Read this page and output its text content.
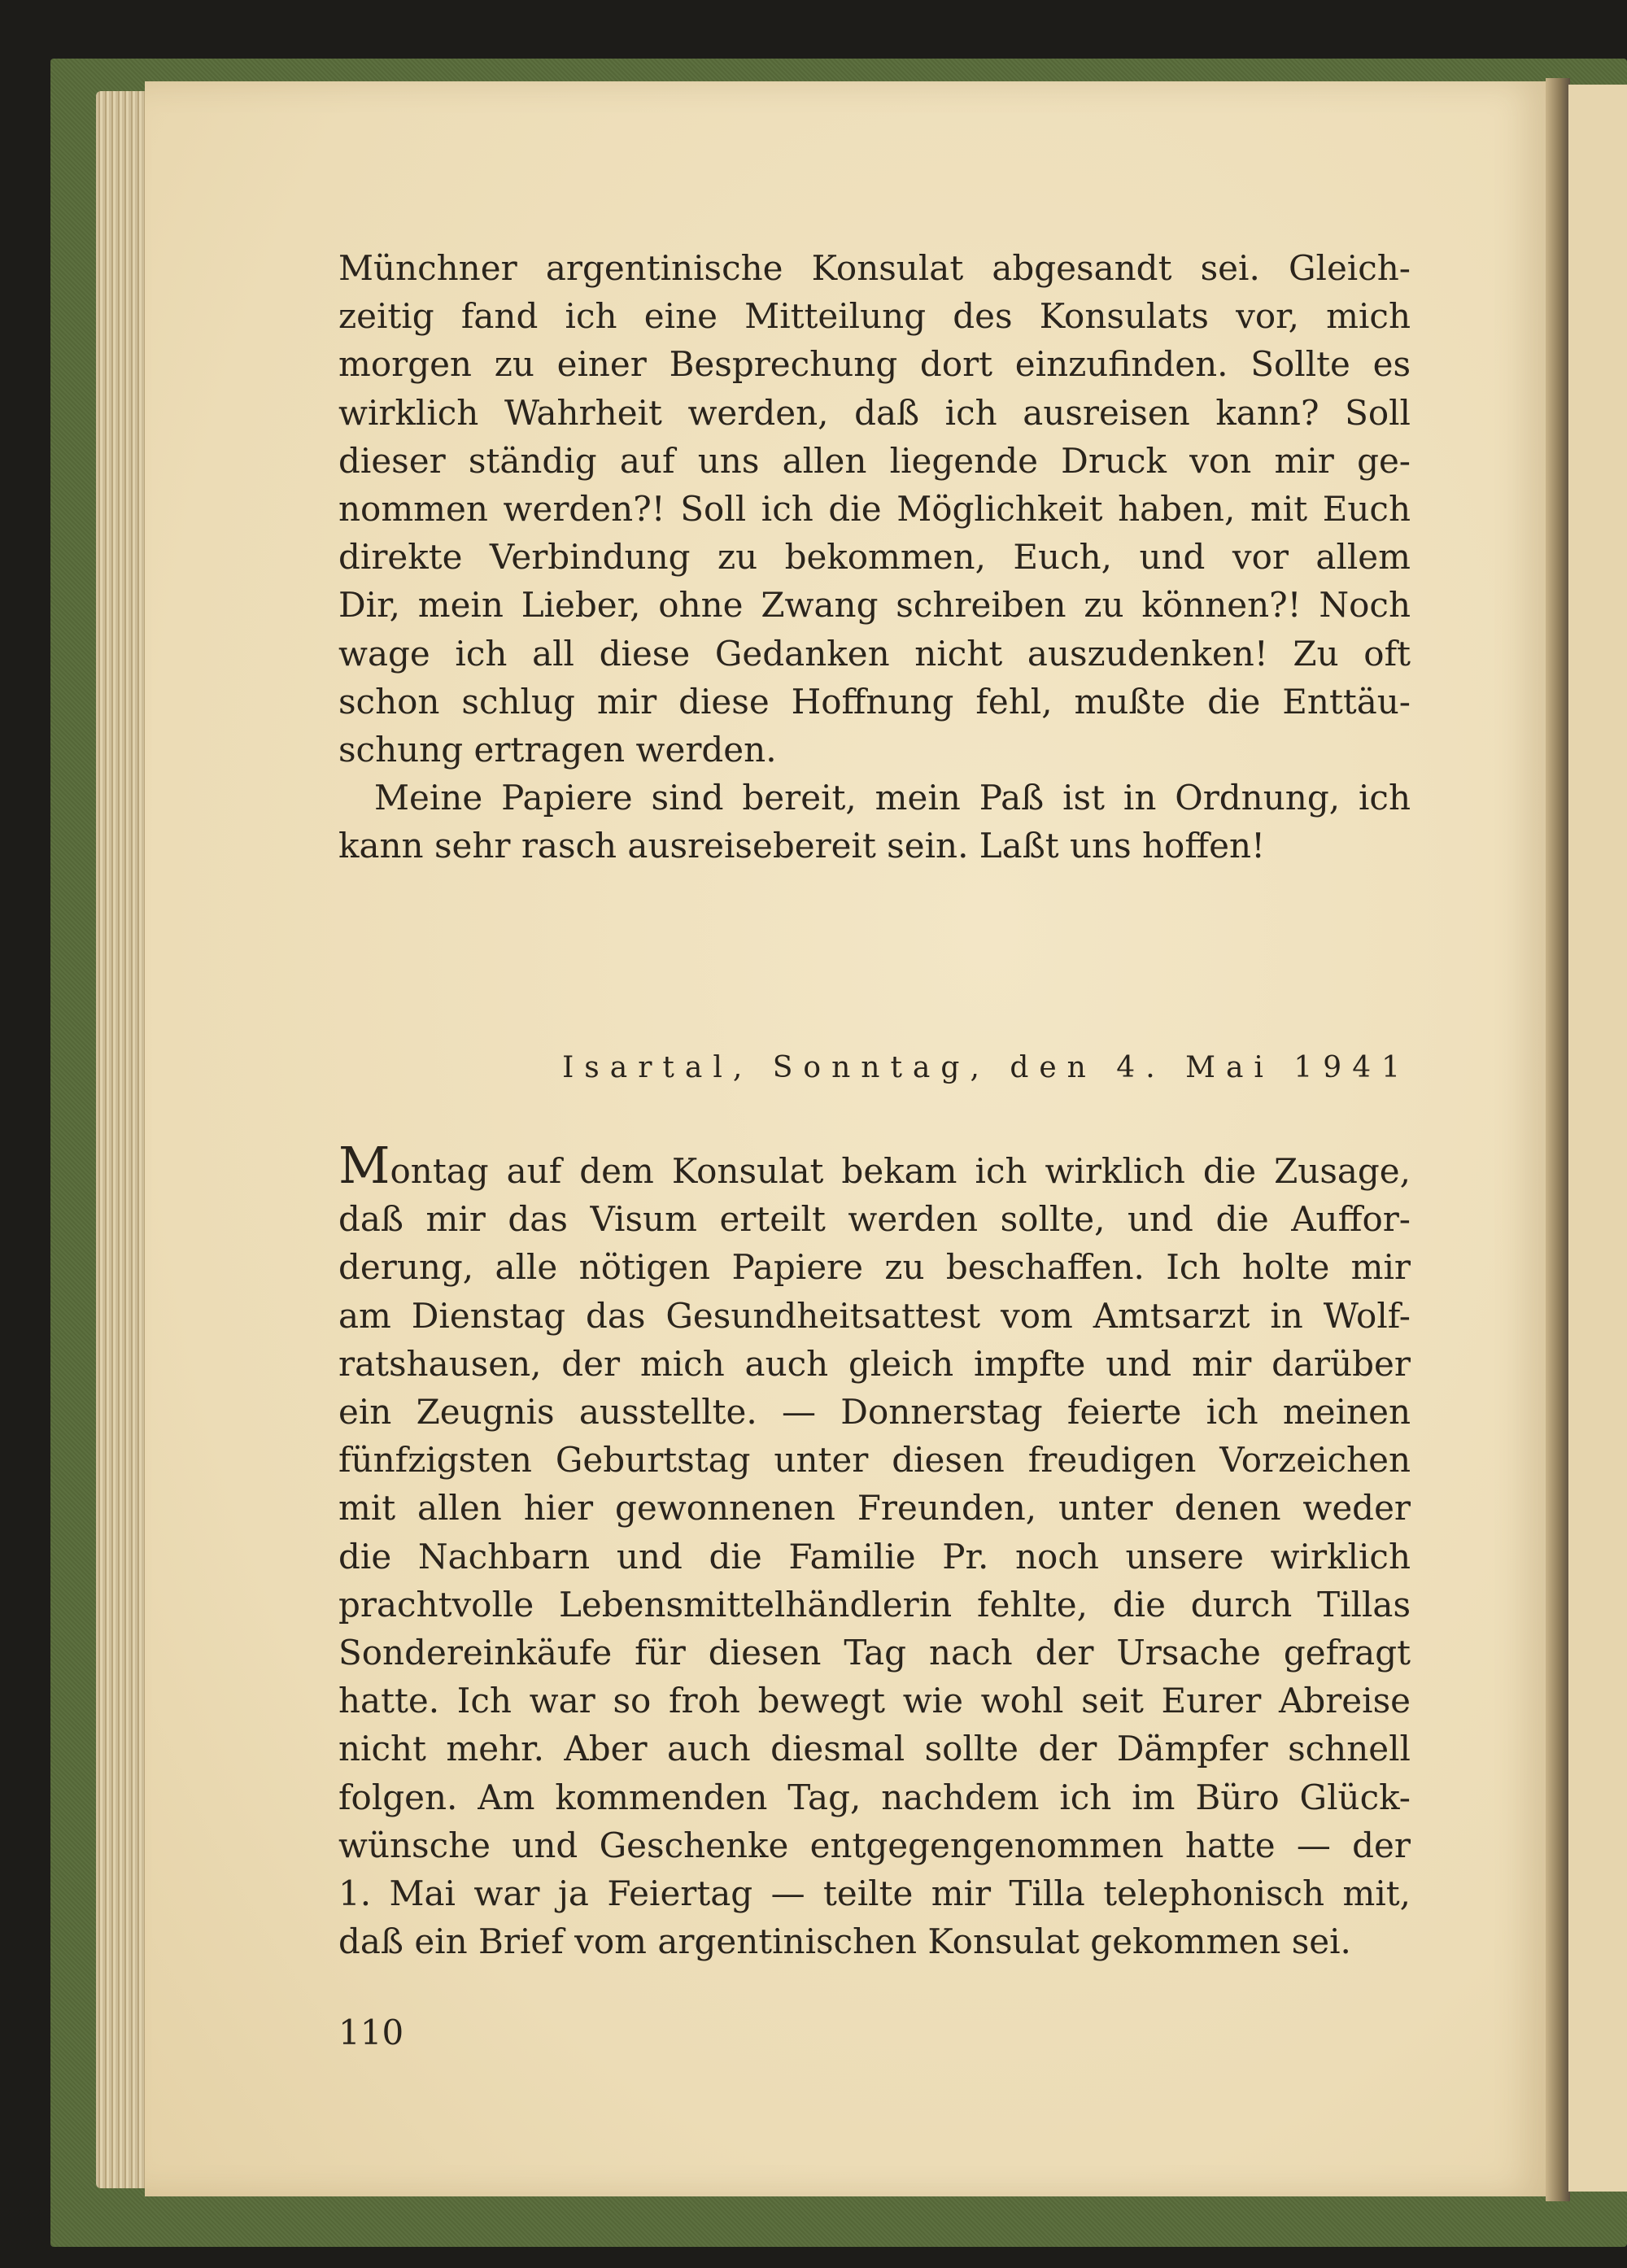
Münchner argentinische Konsulat abgesandt sei. Gleich-
zeitig fand ich eine Mitteilung des Konsulats vor, mich
morgen zu einer Besprechung dort einzufinden. Sollte es
wirklich Wahrheit werden, daß ich ausreisen kann? Soll
dieser ständig auf uns allen liegende Druck von mir ge-
nommen werden?! Soll ich die Möglichkeit haben, mit Euch
direkte Verbindung zu bekommen, Euch, und vor allem
Dir, mein Lieber, ohne Zwang schreiben zu können?! Noch
wage ich all diese Gedanken nicht auszudenken! Zu oft
schon schlug mir diese Hoffnung fehl, mußte die Enttäu-
schung ertragen werden.

Meine Papiere sind bereit, mein Paß ist in Ordnung, ich
kann sehr rasch ausreisebereit sein. Laßt uns hoffen!

Isartal, Sonntag, den 4. Mai 1941
Montag auf dem Konsulat bekam ich wirklich die Zusage,
daß mir das Visum erteilt werden sollte, und die Auffor-
derung, alle nötigen Papiere zu beschaffen. Ich holte mir
am Dienstag das Gesundheitsattest vom Amtsarzt in Wolf-
ratshausen, der mich auch gleich impfte und mir darüber
ein Zeugnis ausstellte. — Donnerstag feierte ich meinen
fünfzigsten Geburtstag unter diesen freudigen Vorzeichen
mit allen hier gewonnenen Freunden, unter denen weder
die Nachbarn und die Familie Pr. noch unsere wirklich
prachtvolle Lebensmittelhändlerin fehlte, die durch Tillas
Sondereinkäufe für diesen Tag nach der Ursache gefragt
hatte. Ich war so froh bewegt wie wohl seit Eurer Abreise
nicht mehr. Aber auch diesmal sollte der Dämpfer schnell
folgen. Am kommenden Tag, nachdem ich im Büro Glück-
wünsche und Geschenke entgegengenommen hatte — der
1. Mai war ja Feiertag — teilte mir Tilla telephonisch mit,
daß ein Brief vom argentinischen Konsulat gekommen sei.
110
